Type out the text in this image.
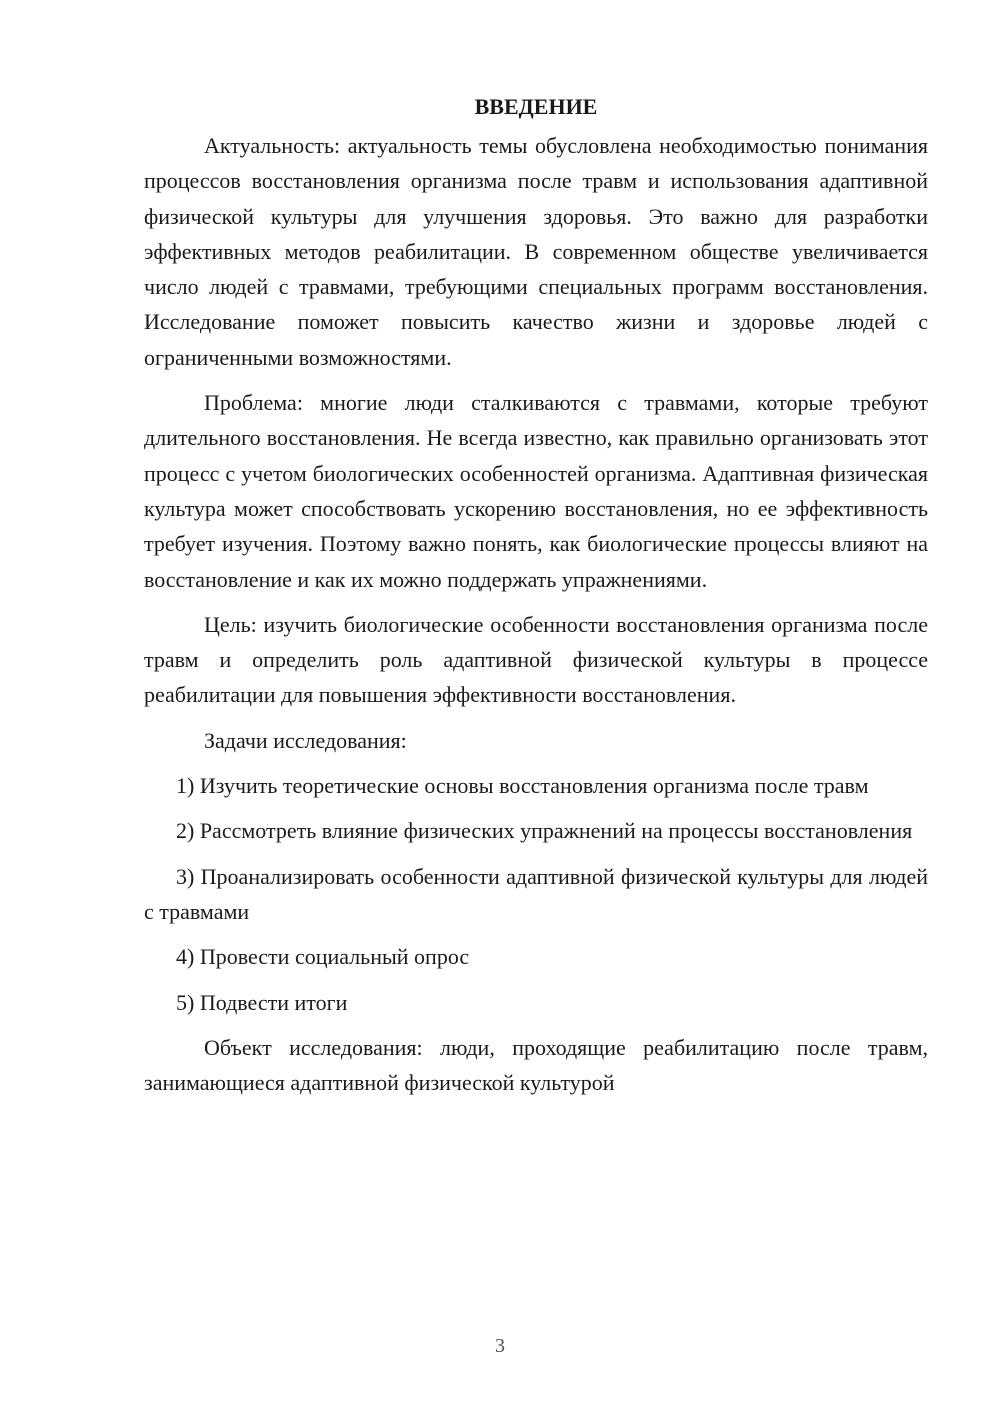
ВВЕДЕНИЕ

Актуальность: актуальность темы обусловлена необходимостью понимания процессов восстановления организма после травм и использования адаптивной физической культуры для улучшения здоровья. Это важно для разработки эффективных методов реабилитации. В современном обществе увеличивается число людей с травмами, требующими специальных программ восстановления. Исследование поможет повысить качество жизни и здоровье людей с ограниченными возможностями.

Проблема: многие люди сталкиваются с травмами, которые требуют длительного восстановления. Не всегда известно, как правильно организовать этот процесс с учетом биологических особенностей организма. Адаптивная физическая культура может способствовать ускорению восстановления, но ее эффективность требует изучения. Поэтому важно понять, как биологические процессы влияют на восстановление и как их можно поддержать упражнениями.

Цель: изучить биологические особенности восстановления организма после травм и определить роль адаптивной физической культуры в процессе реабилитации для повышения эффективности восстановления.

Задачи исследования:

1) Изучить теоретические основы восстановления организма после травм

2) Рассмотреть влияние физических упражнений на процессы восстановления

3) Проанализировать особенности адаптивной физической культуры для людей с травмами

4) Провести социальный опрос

5) Подвести итоги

Объект исследования: люди, проходящие реабилитацию после травм, занимающиеся адаптивной физической культурой

3
